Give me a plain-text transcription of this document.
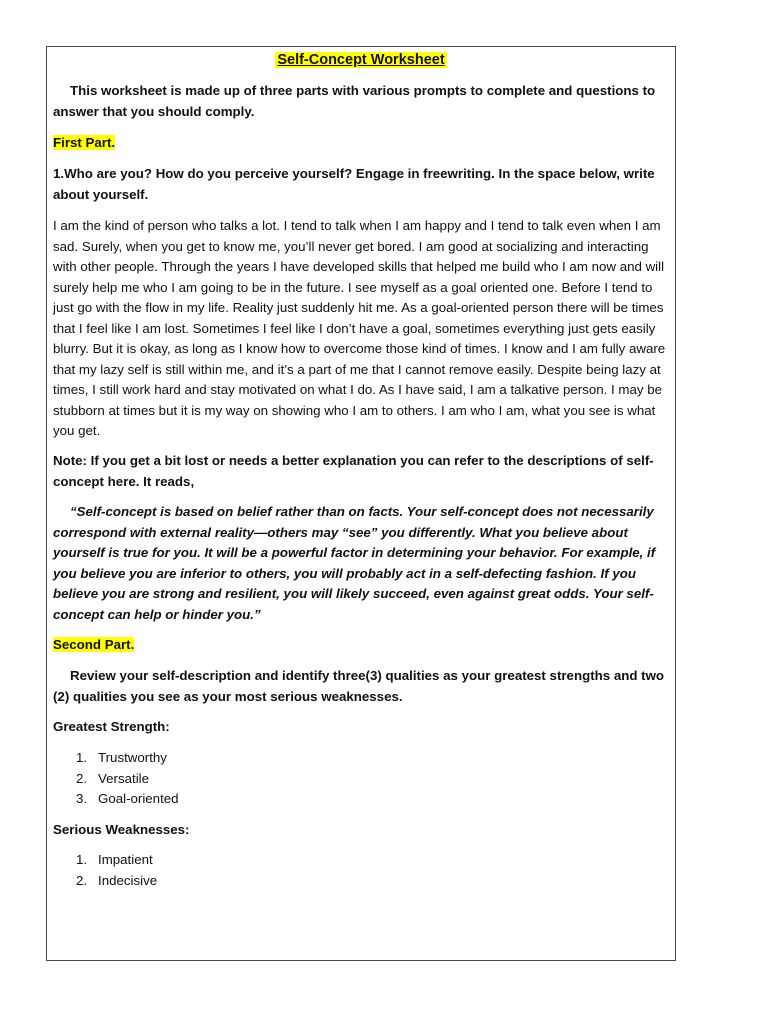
Self-Concept Worksheet

This worksheet is made up of three parts with various prompts to complete and questions to answer that you should comply.

First Part.

1.Who are you? How do you perceive yourself? Engage in freewriting. In the space below, write about yourself.

I am the kind of person who talks a lot. I tend to talk when I am happy and I tend to talk even when I am sad. Surely, when you get to know me, you’ll never get bored. I am good at socializing and interacting with other people. Through the years I have developed skills that helped me build who I am now and will surely help me who I am going to be in the future. I see myself as a goal oriented one. Before I tend to just go with the flow in my life. Reality just suddenly hit me. As a goal-oriented person there will be times that I feel like I am lost. Sometimes I feel like I don’t have a goal, sometimes everything just gets easily blurry. But it is okay, as long as I know how to overcome those kind of times. I know and I am fully aware that my lazy self is still within me, and it’s a part of me that I cannot remove easily. Despite being lazy at times, I still work hard and stay motivated on what I do. As I have said, I am a talkative person. I may be stubborn at times but it is my way on showing who I am to others. I am who I am, what you see is what you get.

Note: If you get a bit lost or needs a better explanation you can refer to the descriptions of self-concept here. It reads,

“Self-concept is based on belief rather than on facts. Your self-concept does not necessarily correspond with external reality—others may “see” you differently. What you believe about yourself is true for you. It will be a powerful factor in determining your behavior. For example, if you believe you are inferior to others, you will probably act in a self-defecting fashion. If you believe you are strong and resilient, you will likely succeed, even against great odds. Your self-concept can help or hinder you.”

Second Part.

Review your self-description and identify three(3) qualities as your greatest strengths and two (2) qualities you see as your most serious weaknesses.

Greatest Strength:

1. Trustworthy
2. Versatile
3. Goal-oriented

Serious Weaknesses:

1. Impatient
2. Indecisive
